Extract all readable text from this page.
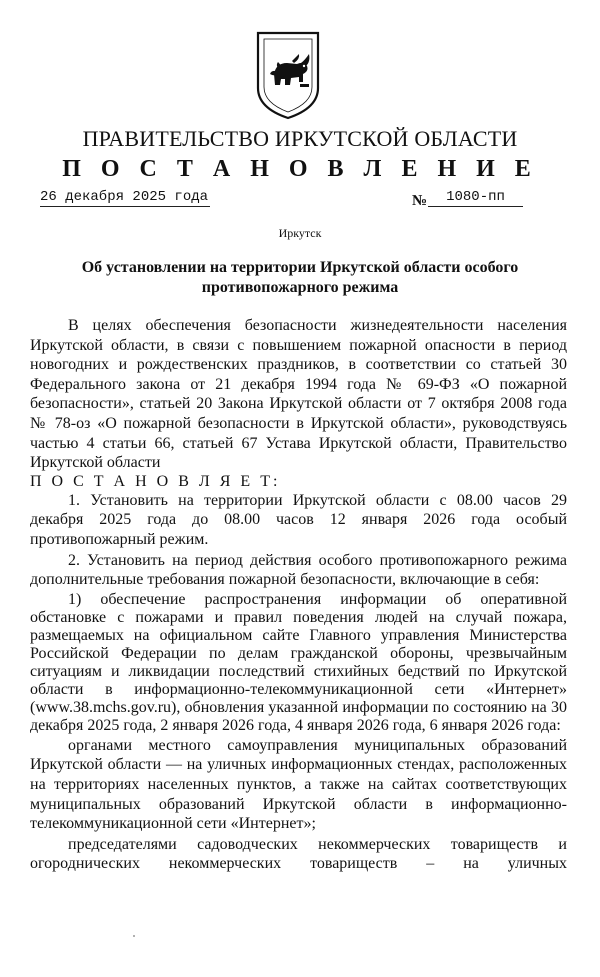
ПРАВИТЕЛЬСТВО ИРКУТСКОЙ ОБЛАСТИ
П О С Т А Н О В Л Е Н И Е
26 декабря 2025 года	№	1080-пп
Иркутск
Об установлении на территории Иркутской области особого противопожарного режима

В целях обеспечения безопасности жизнедеятельности населения Иркутской области, в связи с повышением пожарной опасности в период новогодних и рождественских праздников, в соответствии со статьей 30 Федерального закона от 21 декабря 1994 года № 69-ФЗ «О пожарной безопасности», статьей 20 Закона Иркутской области от 7 октября 2008 года № 78-оз «О пожарной безопасности в Иркутской области», руководствуясь частью 4 статьи 66, статьей 67 Устава Иркутской области, Правительство Иркутской области

П О С Т А Н О В Л Я Е Т:

1. Установить на территории Иркутской области с 08.00 часов 29 декабря 2025 года до 08.00 часов 12 января 2026 года особый противопожарный режим.

2. Установить на период действия особого противопожарного режима дополнительные требования пожарной безопасности, включающие в себя:

1) обеспечение распространения информации об оперативной обстановке с пожарами и правил поведения людей на случай пожара, размещаемых на официальном сайте Главного управления Министерства Российской Федерации по делам гражданской обороны, чрезвычайным ситуациям и ликвидации последствий стихийных бедствий по Иркутской области в информационно-телекоммуникационной сети «Интернет» (www.38.mchs.gov.ru), обновления указанной информации по состоянию на 30 декабря 2025 года, 2 января 2026 года, 4 января 2026 года, 6 января 2026 года:

органами местного самоуправления муниципальных образований Иркутской области — на уличных информационных стендах, расположенных на территориях населенных пунктов, а также на сайтах соответствующих муниципальных образований Иркутской области в информационно-телекоммуникационной сети «Интернет»;

председателями садоводческих некоммерческих товариществ и огороднических некоммерческих товариществ – на уличных
